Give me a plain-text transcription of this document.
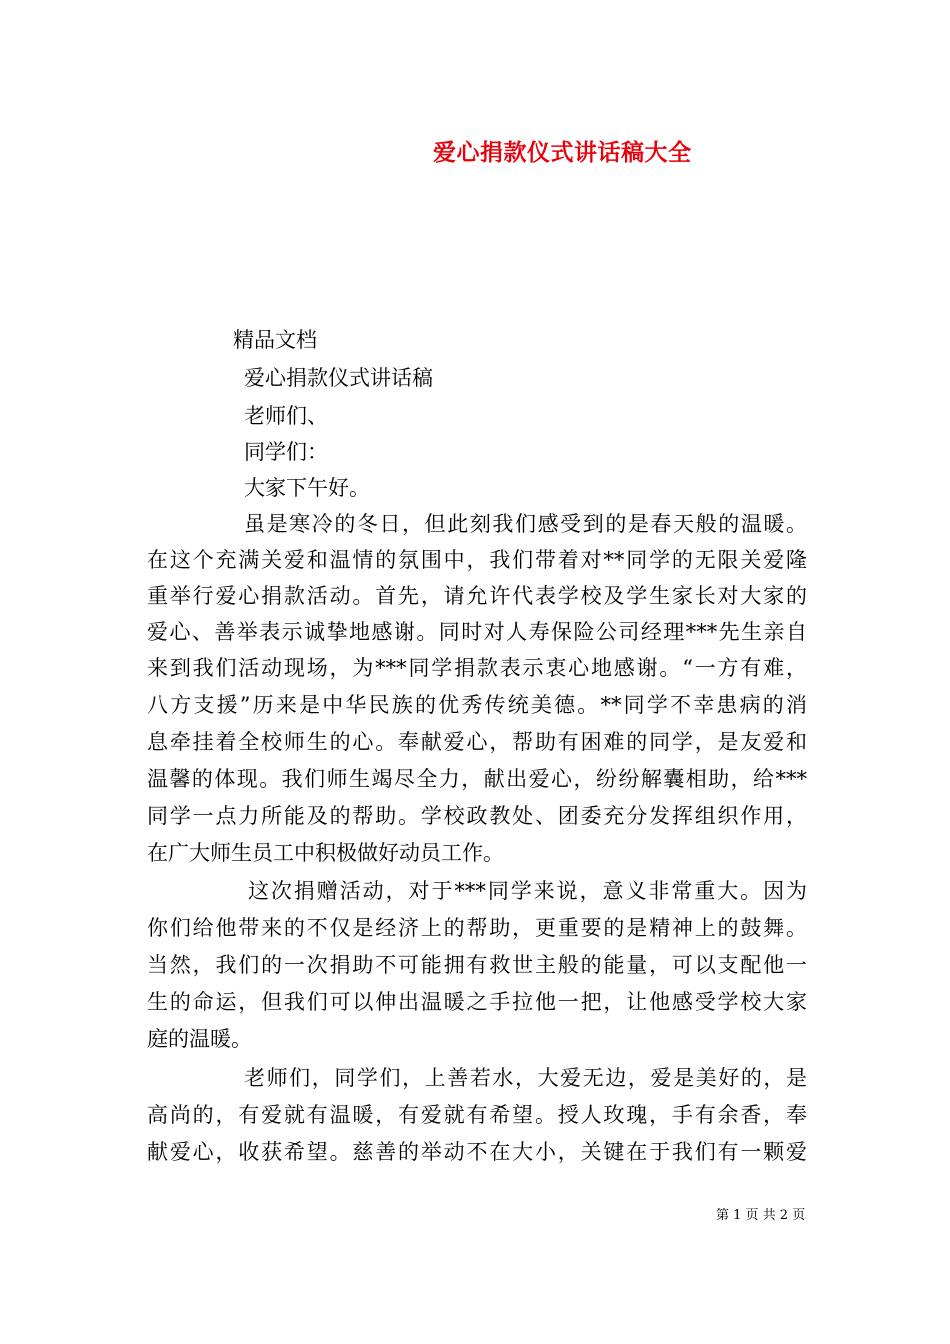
爱心捐款仪式讲话稿大全
精品文档
爱心捐款仪式讲话稿
老师们、
同学们：
大家下午好。
虽是寒冷的冬日，但此刻我们感受到的是春天般的温暖。
在这个充满关爱和温情的氛围中，我们带着对**同学的无限关爱隆
重举行爱心捐款活动。首先，请允许代表学校及学生家长对大家的
爱心、善举表示诚挚地感谢。同时对人寿保险公司经理***先生亲自
来到我们活动现场，为***同学捐款表示衷心地感谢。“一方有难，
八方支援”历来是中华民族的优秀传统美德。**同学不幸患病的消
息牵挂着全校师生的心。奉献爱心，帮助有困难的同学，是友爱和
温馨的体现。我们师生竭尽全力，献出爱心，纷纷解囊相助，给***
同学一点力所能及的帮助。学校政教处、团委充分发挥组织作用，
在广大师生员工中积极做好动员工作。
这次捐赠活动，对于***同学来说，意义非常重大。因为
你们给他带来的不仅是经济上的帮助，更重要的是精神上的鼓舞。
当然，我们的一次捐助不可能拥有救世主般的能量，可以支配他一
生的命运，但我们可以伸出温暖之手拉他一把，让他感受学校大家
庭的温暖。
老师们，同学们，上善若水，大爱无边，爱是美好的，是
高尚的，有爱就有温暖，有爱就有希望。授人玫瑰，手有余香，奉
献爱心，收获希望。慈善的举动不在大小，关键在于我们有一颗爱
第 1 页 共 2 页
